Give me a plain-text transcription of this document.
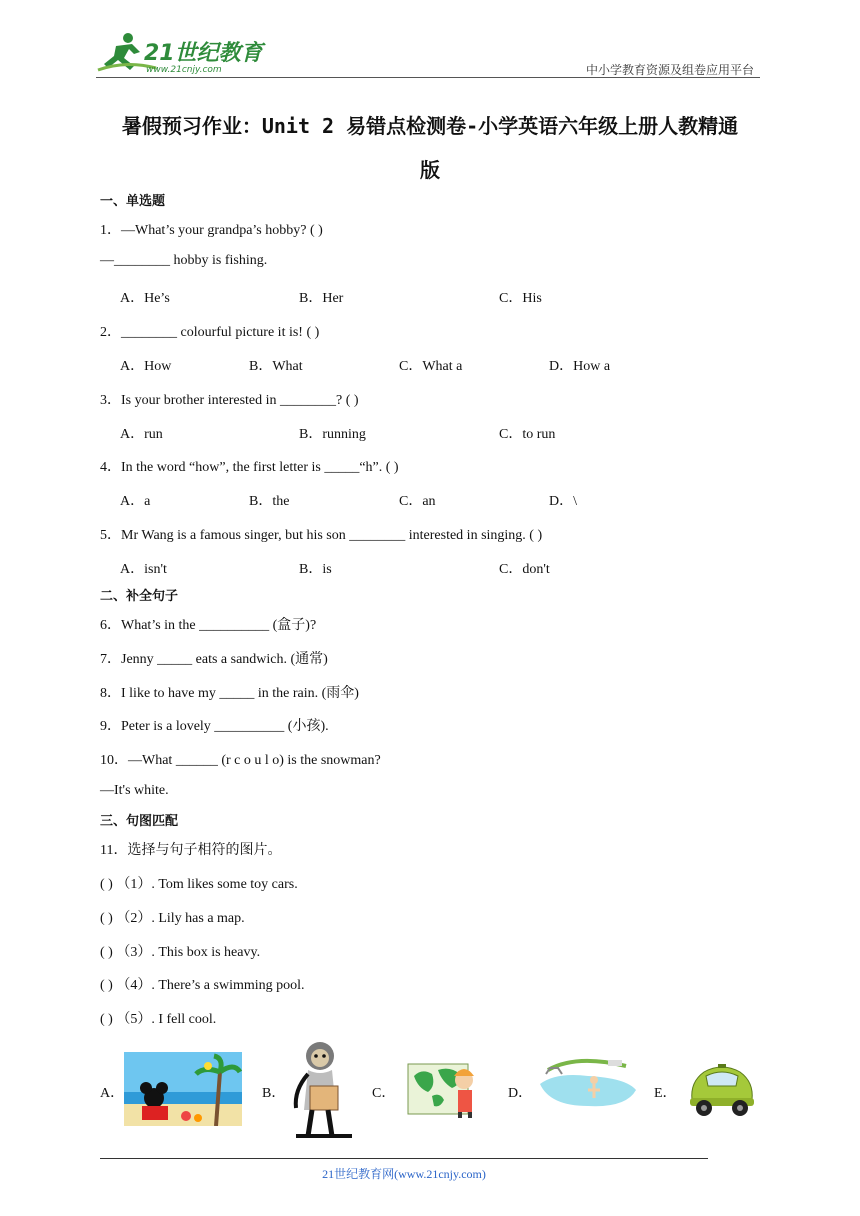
21世纪教育
www.21cnjy.com	中小学教育资源及组卷应用平台
暑假预习作业：Unit 2 易错点检测卷-小学英语六年级上册人教精通
版
一、单选题
1．—What’s your grandpa’s hobby? ( )
—________ hobby is fishing.
A．He’s	B．Her	C．His
2．________ colourful picture it is! ( )
A．How	B．What	C．What a	D．How a
3．Is your brother interested in ________? ( )
A．run	B．running	C．to run
4．In the word “how”, the first letter is _____“h”. ( )
A．a	B．the	C．an	D．\
5．Mr Wang is a famous singer, but his son ________ interested in singing. ( )
A．isn't	B．is	C．don't
二、补全句子
6．What’s in the __________ (盒子)?
7．Jenny _____ eats a sandwich. (通常)
8．I like to have my _____ in the rain. (雨伞)
9．Peter is a lovely __________ (小孩).
10．—What ______ (r c o u l o) is the snowman?
—It's white.
三、句图匹配
11．选择与句子相符的图片。
( ) （1）. Tom likes some toy cars.
( ) （2）. Lily has a map.
( ) （3）. This box is heavy.
( ) （4）. There’s a swimming pool.
( ) （5）. I fell cool.
A．	B．	C．	D．	E．
21世纪教育网(www.21cnjy.com)
